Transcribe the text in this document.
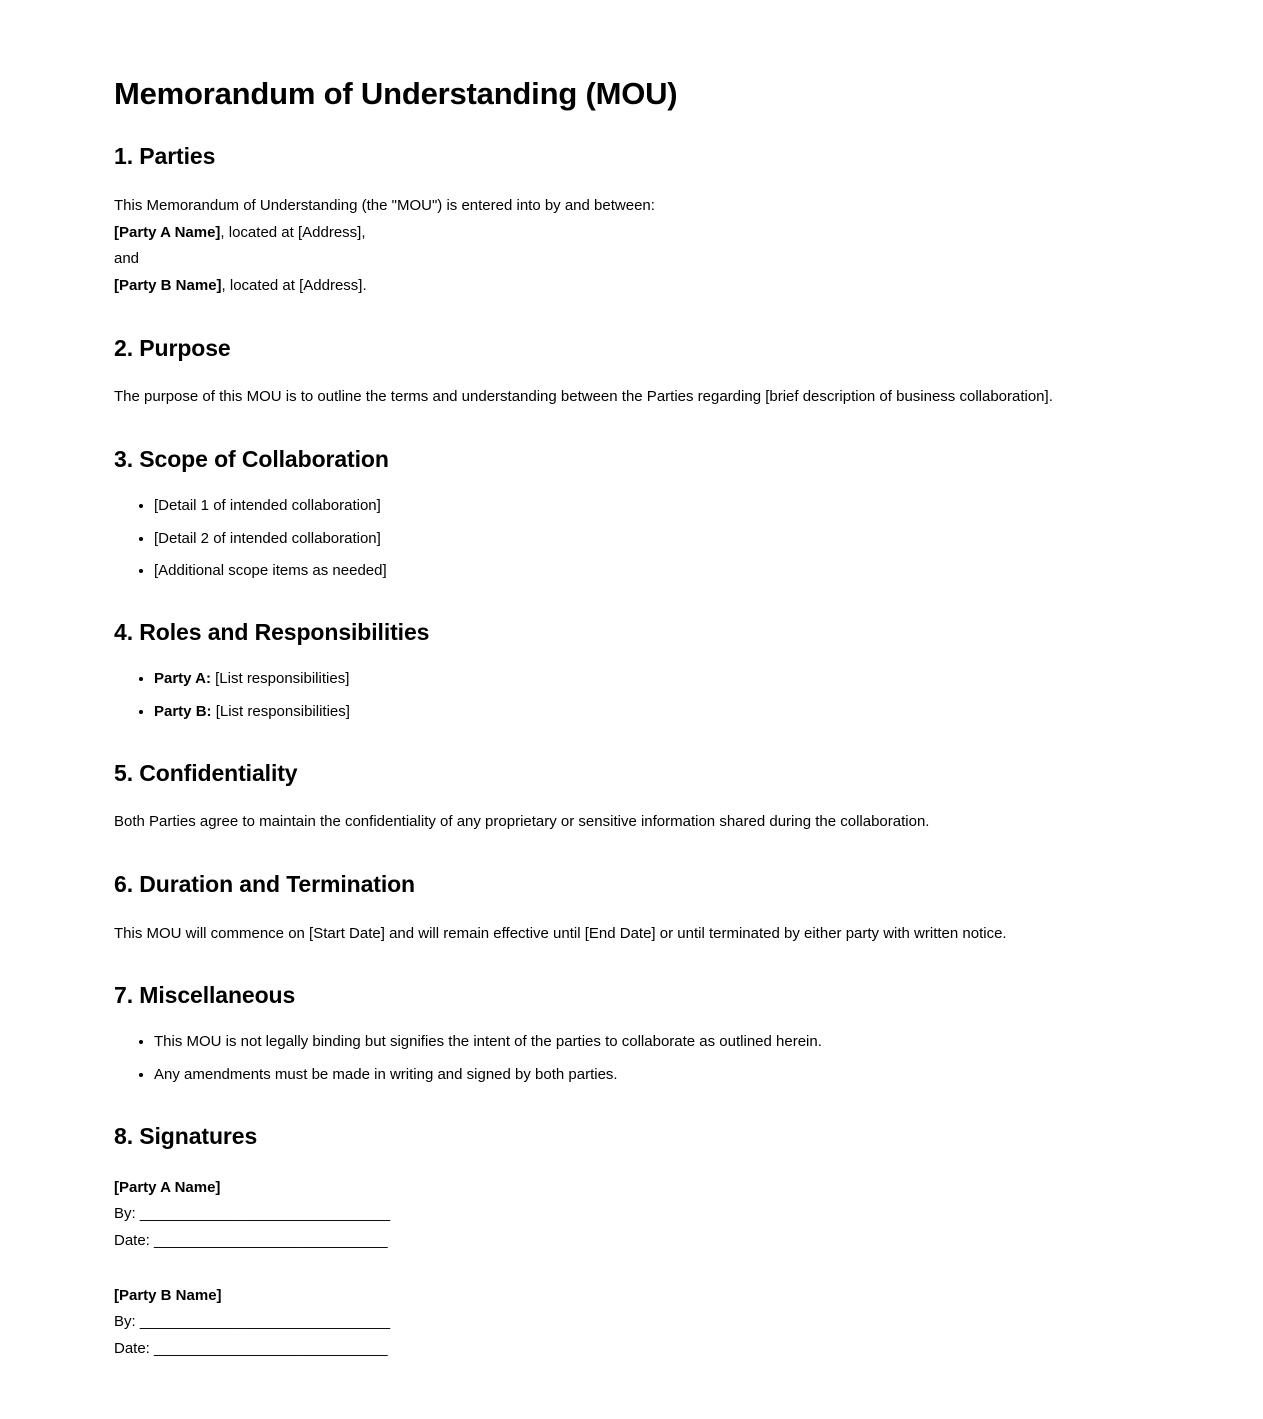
Memorandum of Understanding (MOU)
1. Parties

This Memorandum of Understanding (the "MOU") is entered into by and between:
[Party A Name], located at [Address],
and
[Party B Name], located at [Address].

2. Purpose

The purpose of this MOU is to outline the terms and understanding between the Parties regarding [brief description of business collaboration].

3. Scope of Collaboration
• [Detail 1 of intended collaboration]
• [Detail 2 of intended collaboration]
• [Additional scope items as needed]
4. Roles and Responsibilities
• Party A: [List responsibilities]
• Party B: [List responsibilities]
5. Confidentiality

Both Parties agree to maintain the confidentiality of any proprietary or sensitive information shared during the collaboration.

6. Duration and Termination

This MOU will commence on [Start Date] and will remain effective until [End Date] or until terminated by either party with written notice.

7. Miscellaneous
• This MOU is not legally binding but signifies the intent of the parties to collaborate as outlined herein.
• Any amendments must be made in writing and signed by both parties.
8. Signatures
[Party A Name]
By: ______________________________
Date: ____________________________
[Party B Name]
By: ______________________________
Date: ____________________________
